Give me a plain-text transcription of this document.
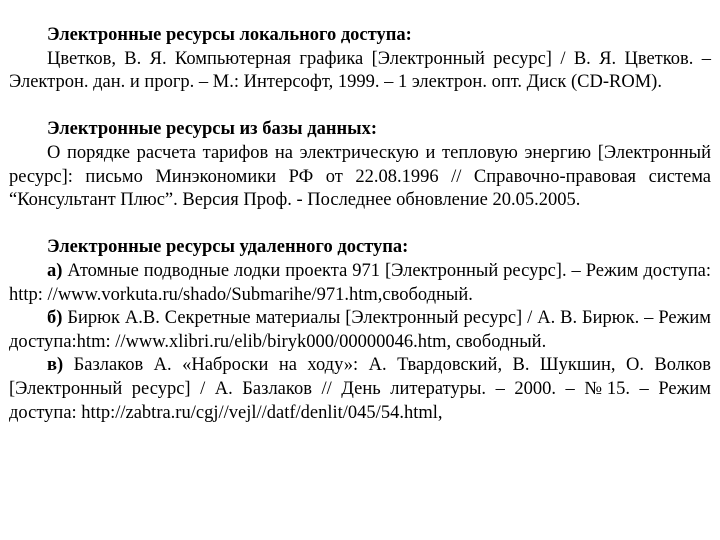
Электронные ресурсы локального доступа:

Цветков, В. Я. Компьютерная графика [Электронный ресурс] / В. Я. Цветков. – Электрон. дан. и прогр. – М.: Интерсофт, 1999. – 1 электрон. опт. Диск (CD-ROM).

Электронные ресурсы из базы данных:

О порядке расчета тарифов на электрическую и тепловую энергию [Электронный ресурс]: письмо Минэкономики РФ от 22.08.1996 // Справочно-правовая система “Консультант Плюс”. Версия Проф. - Последнее обновление 20.05.2005.

Электронные ресурсы удаленного доступа:

а) Атомные подводные лодки проекта 971 [Электронный ресурс]. – Режим доступа: http: //www.vorkuta.ru/shado/Submarihe/971.htm,свободный.

б) Бирюк А.В. Секретные материалы [Электронный ресурс] / А. В. Бирюк. – Режим доступа:htm: //www.xlibri.ru/elib/biryk000/00000046.htm, свободный.

в) Базлаков А. «Наброски на ходу»: А. Твардовский, В. Шукшин, О. Волков [Электронный ресурс] / А. Базлаков // День литературы. – 2000. – №15. – Режим доступа: http://zabtra.ru/cgj//vejl//datf/denlit/045/54.html,
